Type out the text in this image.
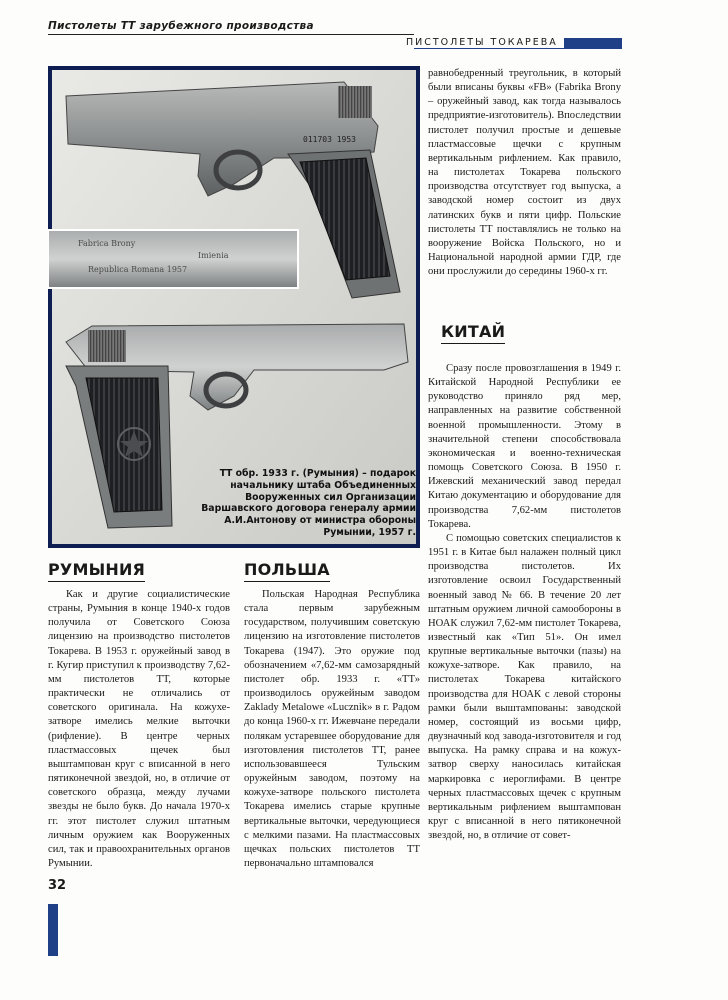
Пистолеты ТТ зарубежного производства
ПИСТОЛЕТЫ ТОКАРЕВА
011703 1953
Fabrica Brony
Imienia
Republica Romana 1957
ТТ обр. 1933 г. (Румыния) – подарок начальнику штаба Объединенных Вооруженных сил Организации Варшавского договора генералу армии А.И.Антонову от министра обороны Румынии, 1957 г.

равнобедренный треугольник, в который были вписаны буквы «FB» (Fabrika Brony – оружейный завод, как тогда называлось предприятие-изготовитель). Впоследствии пистолет получил простые и дешевые пластмассовые щечки с крупным вертикальным рифлением. Как правило, на пистолетах Токарева польского производства отсутствует год выпуска, а заводской номер состоит из двух латинских букв и пяти цифр. Польские пистолеты ТТ поставлялись не только на вооружение Войска Польского, но и Национальной народной армии ГДР, где они прослужили до середины 1960-х гг.

КИТАЙ

Сразу после провозглашения в 1949 г. Китайской Народной Республики ее руководство приняло ряд мер, направленных на развитие собственной военной промышленности. Этому в значительной степени способствовала экономическая и военно-техническая помощь Советского Союза. В 1950 г. Ижевский механический завод передал Китаю документацию и оборудование для производства 7,62-мм пистолетов Токарева.

С помощью советских специалистов к 1951 г. в Китае был налажен полный цикл производства пистолетов. Их изготовление освоил Государственный военный завод № 66. В течение 20 лет штатным оружием личной самообороны в НОАК служил 7,62-мм пистолет Токарева, известный как «Тип 51». Он имел крупные вертикальные выточки (пазы) на кожухе-затворе. Как правило, на пистолетах Токарева китайского производства для НОАК с левой стороны рамки были выштампованы: заводской номер, состоящий из восьми цифр, двузначный код завода-изготовителя и год выпуска. На рамку справа и на кожух-затвор сверху наносилась китайская маркировка с иероглифами. В центре черных пластмассовых щечек с крупным вертикальным рифлением выштампован круг с вписанной в него пятиконечной звездой, но, в отличие от совет-

РУМЫНИЯ

Как и другие социалистические страны, Румыния в конце 1940-х годов получила от Советского Союза лицензию на производство пистолетов Токарева. В 1953 г. оружейный завод в г. Кугир приступил к производству 7,62-мм пистолетов ТТ, которые практически не отличались от советского оригинала. На кожухе-затворе имелись мелкие выточки (рифление). В центре черных пластмассовых щечек был выштампован круг с вписанной в него пятиконечной звездой, но, в отличие от советского образца, между лучами звезды не было букв. До начала 1970-х гг. этот пистолет служил штатным личным оружием как Вооруженных сил, так и правоохранительных органов Румынии.

ПОЛЬША

Польская Народная Республика стала первым зарубежным государством, получившим советскую лицензию на изготовление пистолетов Токарева (1947). Это оружие под обозначением «7,62-мм самозарядный пистолет обр. 1933 г. «ТТ» производилось оружейным заводом Zaklady Metalowe «Lucznik» в г. Радом до конца 1960-х гг. Ижевчане передали полякам устаревшее оборудование для изготовления пистолетов ТТ, ранее использовавшееся Тульским оружейным заводом, поэтому на кожухе-затворе польского пистолета Токарева имелись старые крупные вертикальные выточки, чередующиеся с мелкими пазами. На пластмассовых щечках польских пистолетов ТТ первоначально штамповался

32
